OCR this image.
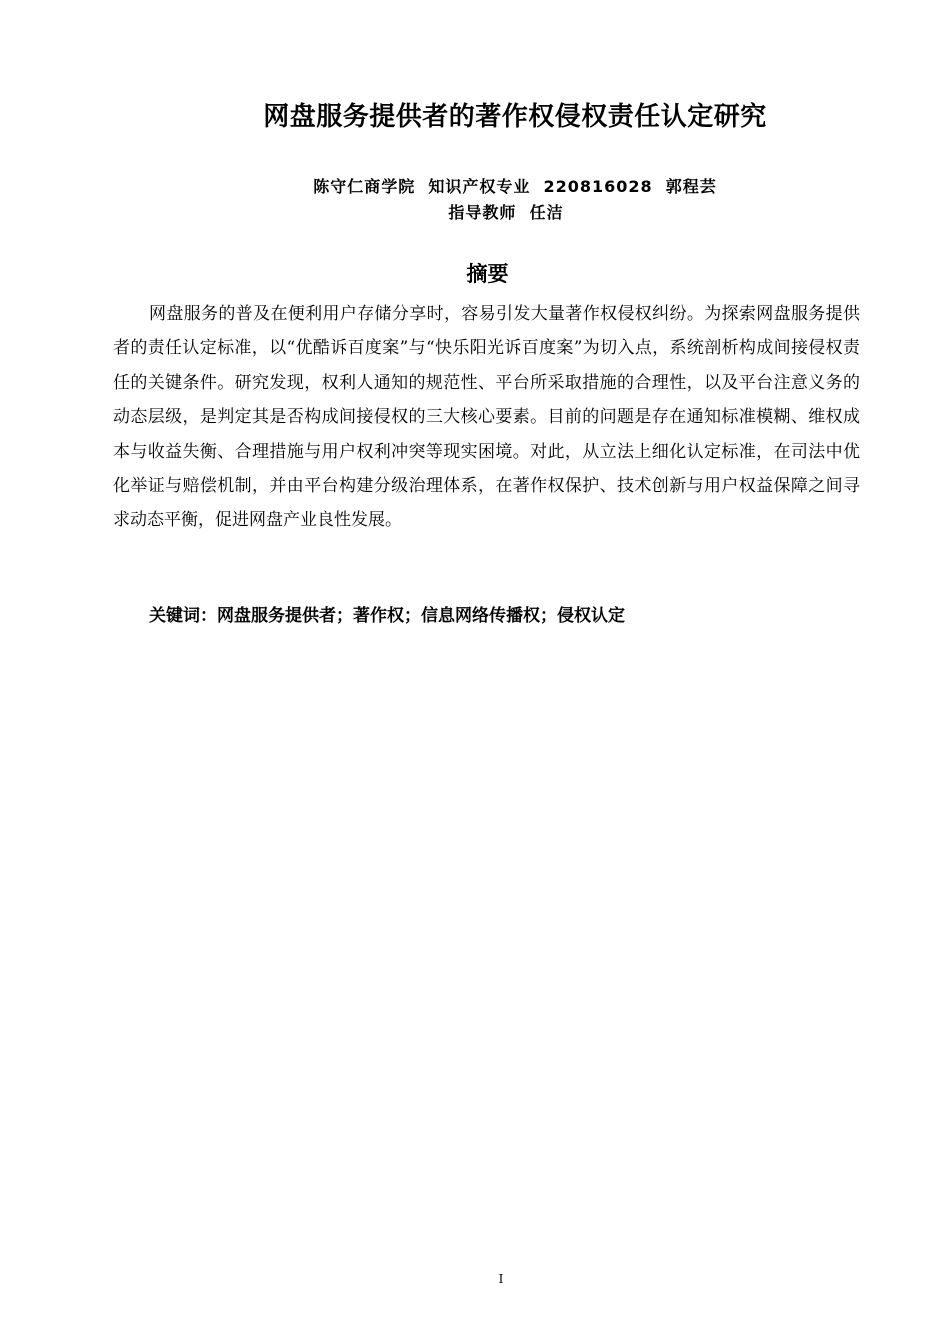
网盘服务提供者的著作权侵权责任认定研究
陈守仁商学院  知识产权专业  220816028  郭程芸
指导教师  任洁
摘要

网盘服务的普及在便利用户存储分享时，容易引发大量著作权侵权纠纷。为探索网盘服务提供者的责任认定标准，以“优酷诉百度案”与“快乐阳光诉百度案”为切入点，系统剖析构成间接侵权责任的关键条件。研究发现，权利人通知的规范性、平台所采取措施的合理性，以及平台注意义务的动态层级，是判定其是否构成间接侵权的三大核心要素。目前的问题是存在通知标准模糊、维权成本与收益失衡、合理措施与用户权利冲突等现实困境。对此，从立法上细化认定标准，在司法中优化举证与赔偿机制，并由平台构建分级治理体系，在著作权保护、技术创新与用户权益保障之间寻求动态平衡，促进网盘产业良性发展。

关键词：网盘服务提供者；著作权；信息网络传播权；侵权认定
I
